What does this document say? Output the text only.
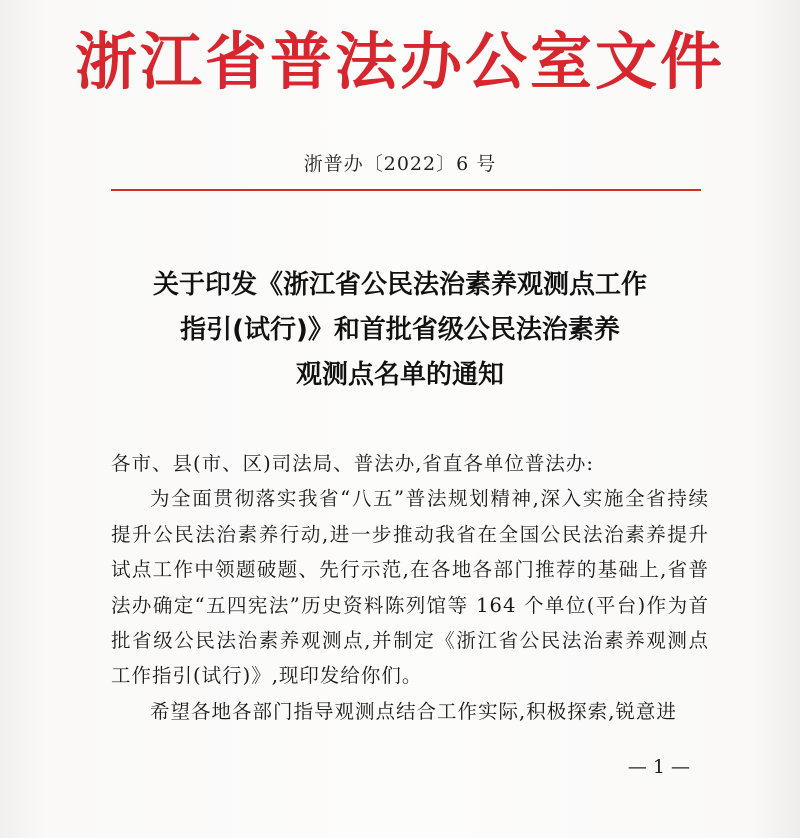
浙江省普法办公室文件
浙普办〔2022〕6 号
关于印发《浙江省公民法治素养观测点工作
指引(试行)》和首批省级公民法治素养
观测点名单的通知

各市、县(市、区)司法局、普法办,省直各单位普法办:

为全面贯彻落实我省“八五”普法规划精神,深入实施全省持续提升公民法治素养行动,进一步推动我省在全国公民法治素养提升试点工作中领题破题、先行示范,在各地各部门推荐的基础上,省普法办确定“五四宪法”历史资料陈列馆等 164 个单位(平台)作为首批省级公民法治素养观测点,并制定《浙江省公民法治素养观测点工作指引(试行)》,现印发给你们。

希望各地各部门指导观测点结合工作实际,积极探索,锐意进

— 1 —
